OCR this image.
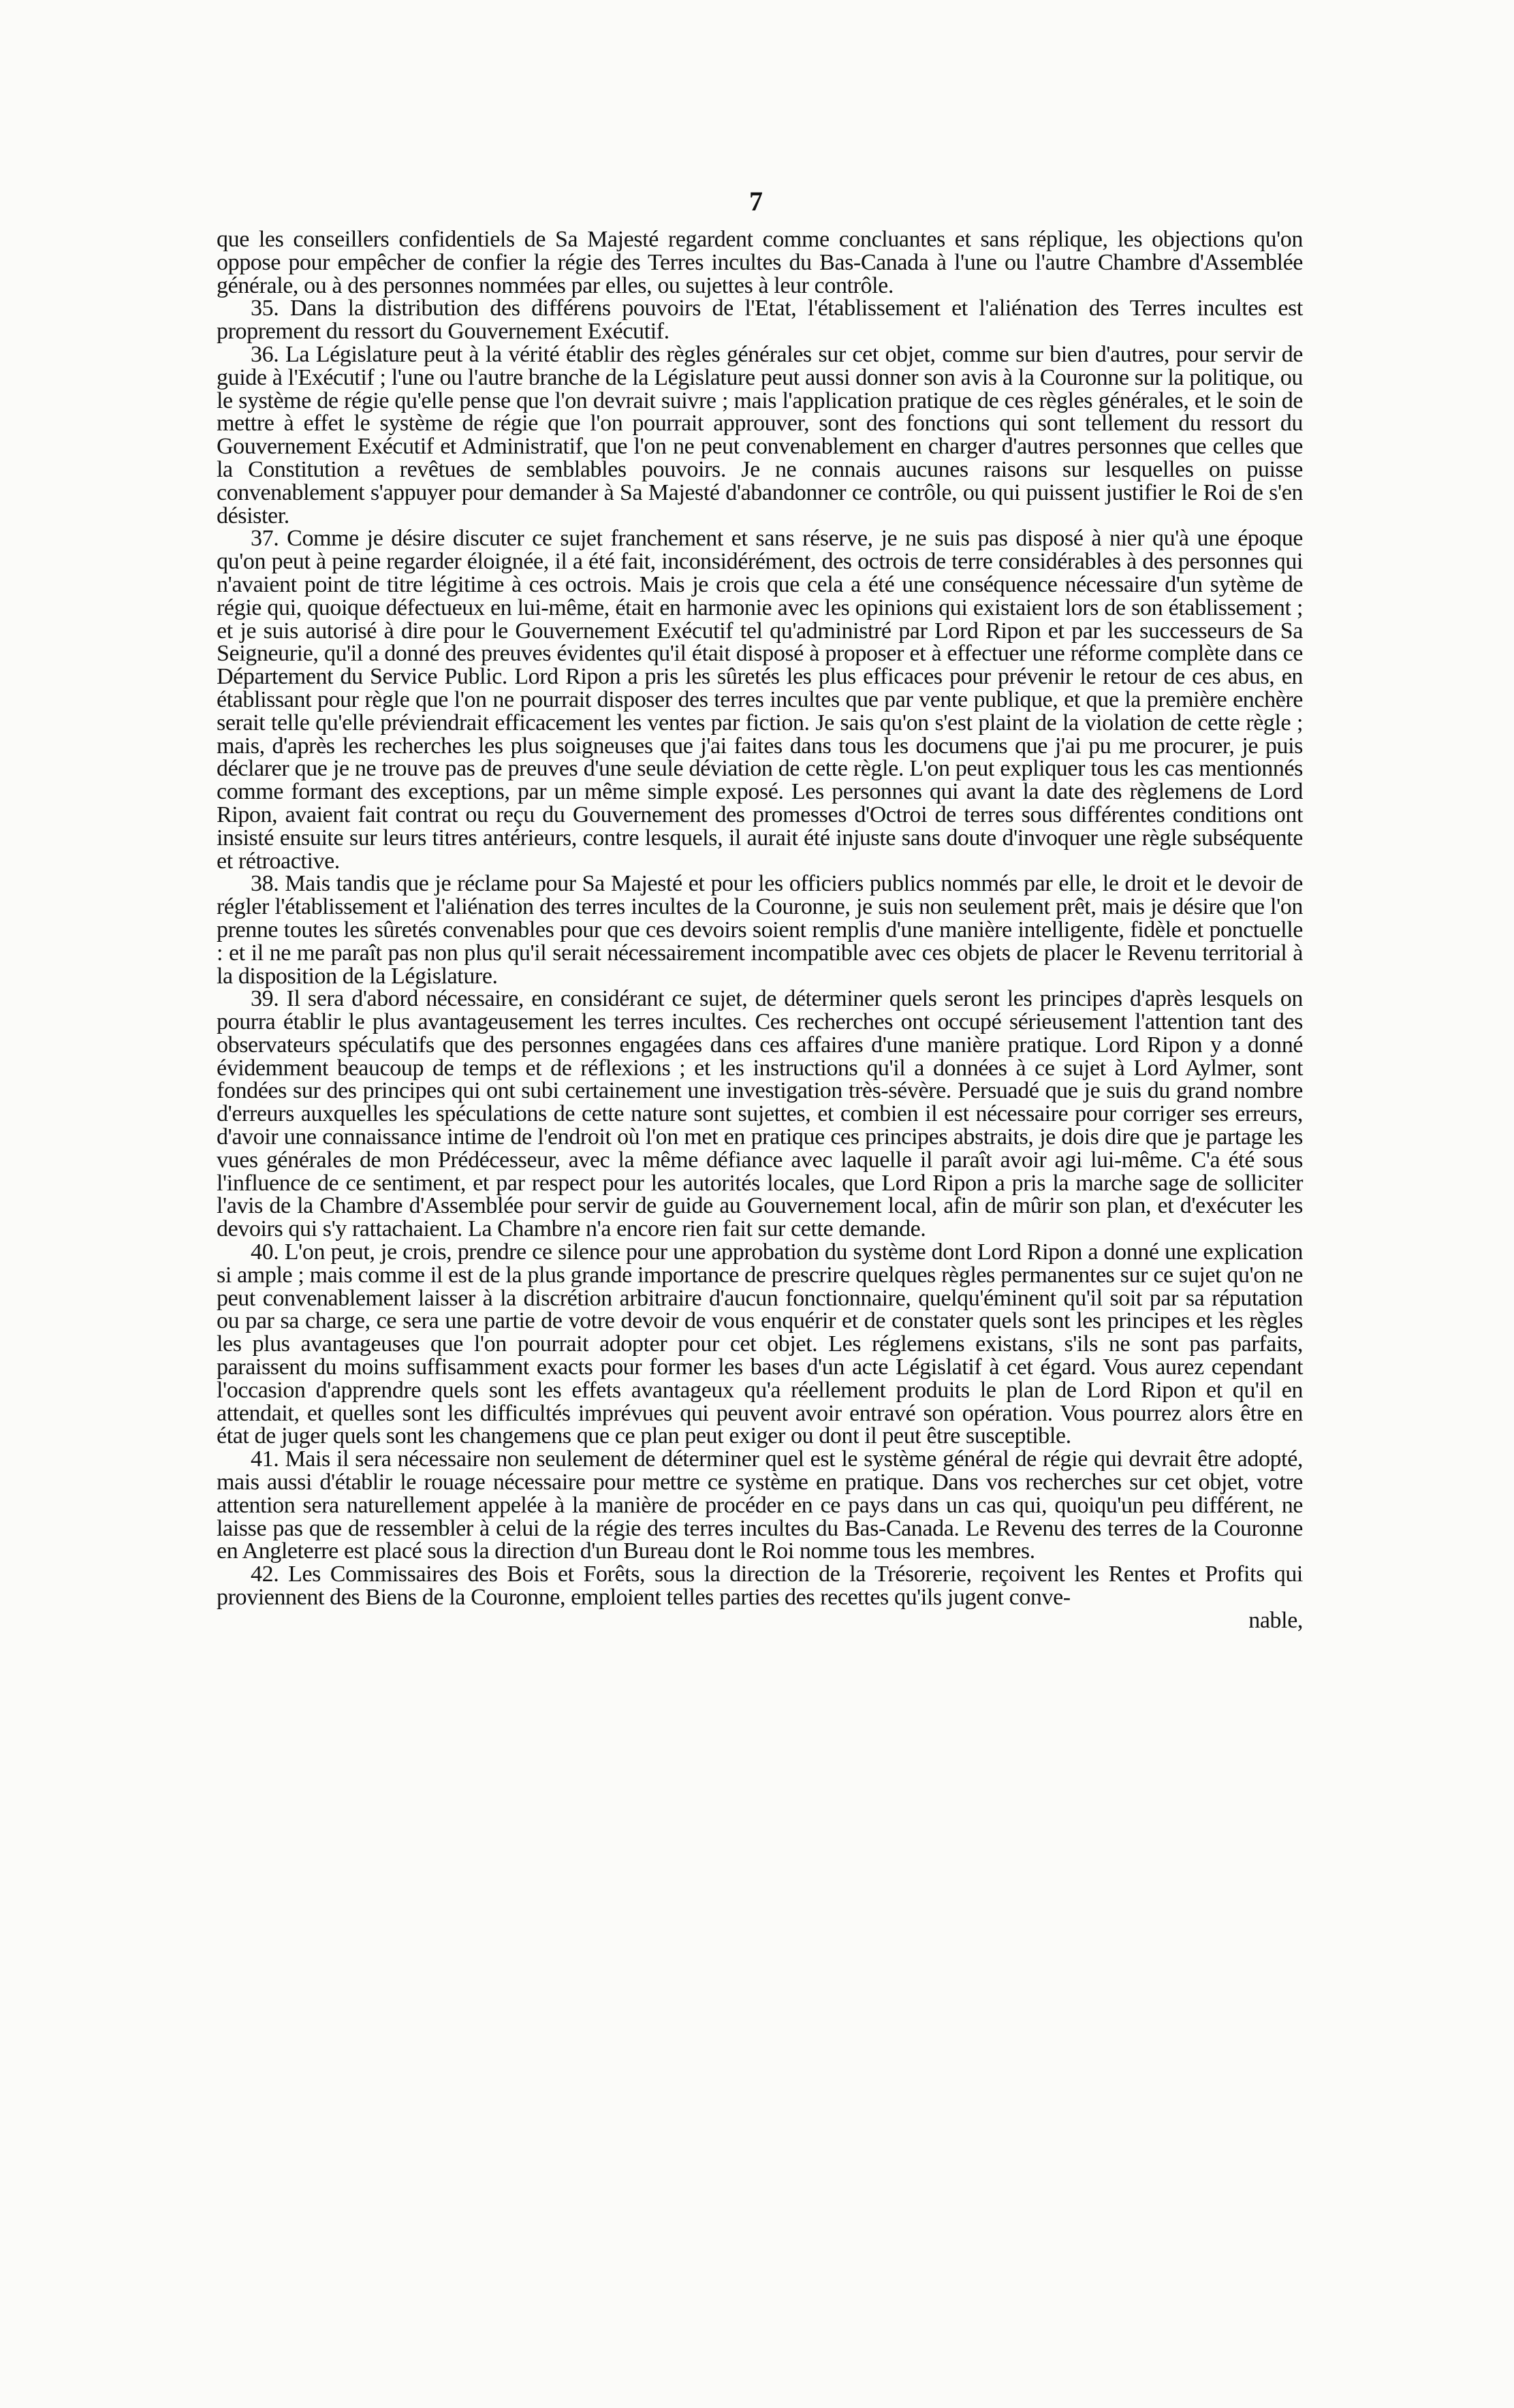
7

que les conseillers confidentiels de Sa Majesté regardent comme concluantes et sans réplique, les objections qu'on oppose pour empêcher de confier la régie des Terres incultes du Bas-Canada à l'une ou l'autre Chambre d'Assemblée générale, ou à des personnes nommées par elles, ou sujettes à leur contrôle.

35. Dans la distribution des différens pouvoirs de l'Etat, l'établissement et l'aliénation des Terres incultes est proprement du ressort du Gouvernement Exécutif.

36. La Législature peut à la vérité établir des règles générales sur cet objet, comme sur bien d'autres, pour servir de guide à l'Exécutif ; l'une ou l'autre branche de la Législature peut aussi donner son avis à la Couronne sur la politique, ou le système de régie qu'elle pense que l'on devrait suivre ; mais l'application pratique de ces règles générales, et le soin de mettre à effet le système de régie que l'on pourrait approuver, sont des fonctions qui sont tellement du ressort du Gouvernement Exécutif et Administratif, que l'on ne peut convenablement en charger d'autres personnes que celles que la Constitution a revêtues de semblables pouvoirs. Je ne connais aucunes raisons sur lesquelles on puisse convenablement s'appuyer pour demander à Sa Majesté d'abandonner ce contrôle, ou qui puissent justifier le Roi de s'en désister.

37. Comme je désire discuter ce sujet franchement et sans réserve, je ne suis pas disposé à nier qu'à une époque qu'on peut à peine regarder éloignée, il a été fait, inconsidérément, des octrois de terre considérables à des personnes qui n'avaient point de titre légitime à ces octrois. Mais je crois que cela a été une conséquence nécessaire d'un sytème de régie qui, quoique défectueux en lui-même, était en harmonie avec les opinions qui existaient lors de son établissement ; et je suis autorisé à dire pour le Gouvernement Exécutif tel qu'administré par Lord Ripon et par les successeurs de Sa Seigneurie, qu'il a donné des preuves évidentes qu'il était disposé à proposer et à effectuer une réforme complète dans ce Département du Service Public. Lord Ripon a pris les sûretés les plus efficaces pour prévenir le retour de ces abus, en établissant pour règle que l'on ne pourrait disposer des terres incultes que par vente publique, et que la première enchère serait telle qu'elle préviendrait efficacement les ventes par fiction. Je sais qu'on s'est plaint de la violation de cette règle ; mais, d'après les recherches les plus soigneuses que j'ai faites dans tous les documens que j'ai pu me procurer, je puis déclarer que je ne trouve pas de preuves d'une seule déviation de cette règle. L'on peut expliquer tous les cas mentionnés comme formant des exceptions, par un même simple exposé. Les personnes qui avant la date des règlemens de Lord Ripon, avaient fait contrat ou reçu du Gouvernement des promesses d'Octroi de terres sous différentes conditions ont insisté ensuite sur leurs titres antérieurs, contre lesquels, il aurait été injuste sans doute d'invoquer une règle subséquente et rétroactive.

38. Mais tandis que je réclame pour Sa Majesté et pour les officiers publics nommés par elle, le droit et le devoir de régler l'établissement et l'aliénation des terres incultes de la Couronne, je suis non seulement prêt, mais je désire que l'on prenne toutes les sûretés convenables pour que ces devoirs soient remplis d'une manière intelligente, fidèle et ponctuelle : et il ne me paraît pas non plus qu'il serait nécessairement incompatible avec ces objets de placer le Revenu territorial à la disposition de la Législature.

39. Il sera d'abord nécessaire, en considérant ce sujet, de déterminer quels seront les principes d'après lesquels on pourra établir le plus avantageusement les terres incultes. Ces recherches ont occupé sérieusement l'attention tant des observateurs spéculatifs que des personnes engagées dans ces affaires d'une manière pratique. Lord Ripon y a donné évidemment beaucoup de temps et de réflexions ; et les instructions qu'il a données à ce sujet à Lord Aylmer, sont fondées sur des principes qui ont subi certainement une investigation très-sévère. Persuadé que je suis du grand nombre d'erreurs auxquelles les spéculations de cette nature sont sujettes, et combien il est nécessaire pour corriger ses erreurs, d'avoir une connaissance intime de l'endroit où l'on met en pratique ces principes abstraits, je dois dire que je partage les vues générales de mon Prédécesseur, avec la même défiance avec laquelle il paraît avoir agi lui-même. C'a été sous l'influence de ce sentiment, et par respect pour les autorités locales, que Lord Ripon a pris la marche sage de solliciter l'avis de la Chambre d'Assemblée pour servir de guide au Gouvernement local, afin de mûrir son plan, et d'exécuter les devoirs qui s'y rattachaient. La Chambre n'a encore rien fait sur cette demande.

40. L'on peut, je crois, prendre ce silence pour une approbation du système dont Lord Ripon a donné une explication si ample ; mais comme il est de la plus grande importance de prescrire quelques règles permanentes sur ce sujet qu'on ne peut convenablement laisser à la discrétion arbitraire d'aucun fonctionnaire, quelqu'éminent qu'il soit par sa réputation ou par sa charge, ce sera une partie de votre devoir de vous enquérir et de constater quels sont les principes et les règles les plus avantageuses que l'on pourrait adopter pour cet objet. Les réglemens existans, s'ils ne sont pas parfaits, paraissent du moins suffisamment exacts pour former les bases d'un acte Législatif à cet égard. Vous aurez cependant l'occasion d'apprendre quels sont les effets avantageux qu'a réellement produits le plan de Lord Ripon et qu'il en attendait, et quelles sont les difficultés imprévues qui peuvent avoir entravé son opération. Vous pourrez alors être en état de juger quels sont les changemens que ce plan peut exiger ou dont il peut être susceptible.

41. Mais il sera nécessaire non seulement de déterminer quel est le système général de régie qui devrait être adopté, mais aussi d'établir le rouage nécessaire pour mettre ce système en pratique. Dans vos recherches sur cet objet, votre attention sera naturellement appelée à la manière de procéder en ce pays dans un cas qui, quoiqu'un peu différent, ne laisse pas que de ressembler à celui de la régie des terres incultes du Bas-Canada. Le Revenu des terres de la Couronne en Angleterre est placé sous la direction d'un Bureau dont le Roi nomme tous les membres.

42. Les Commissaires des Bois et Forêts, sous la direction de la Trésorerie, reçoivent les Rentes et Profits qui proviennent des Biens de la Couronne, emploient telles parties des recettes qu'ils jugent conve-

nable,
